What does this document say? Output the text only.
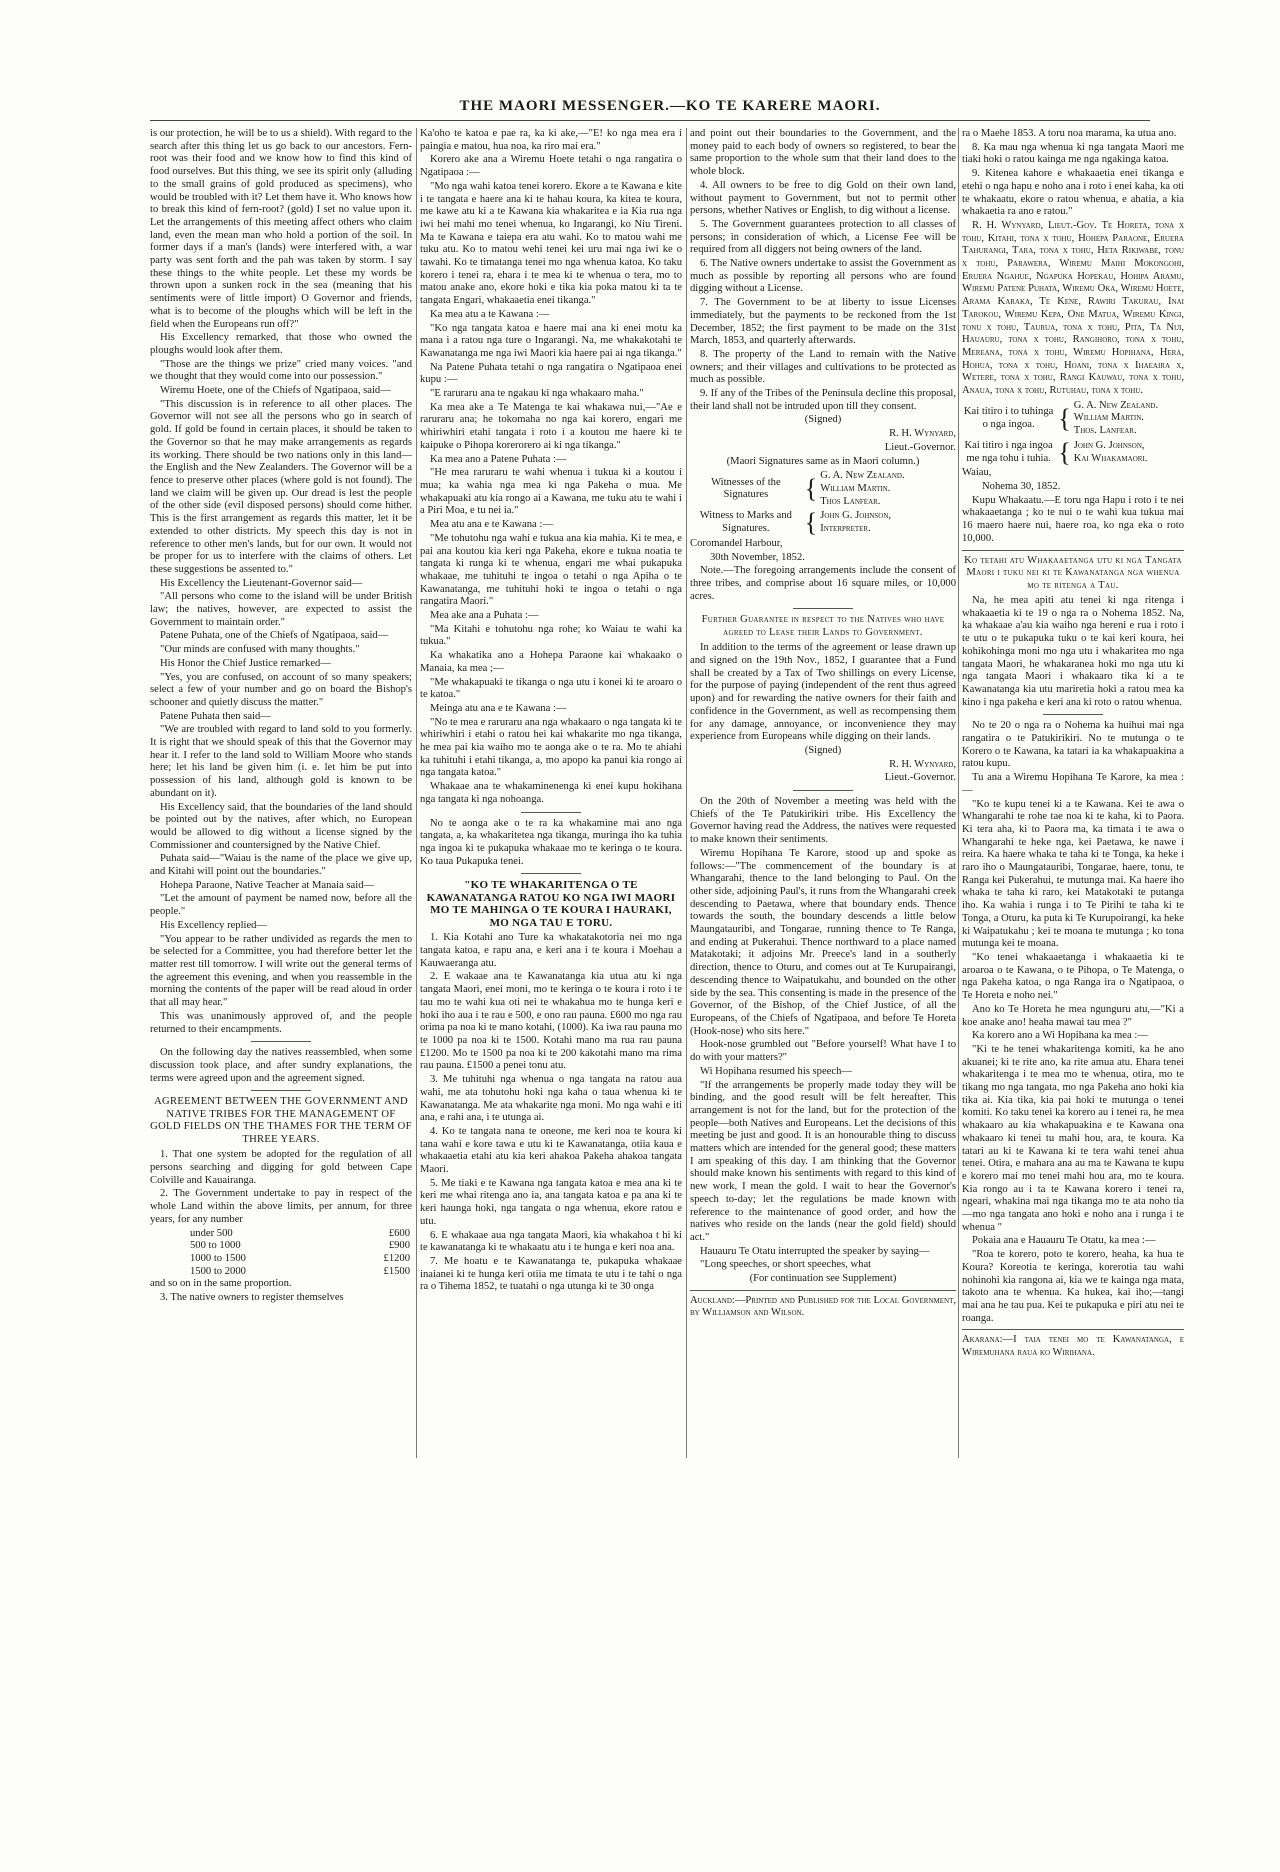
THE MAORI MESSENGER.—KO TE KARERE MAORI.

is our protection, he will be to us a shield). With regard to the search after this thing let us go back to our ancestors. Fern-root was their food and we know how to find this kind of food ourselves. But this thing, we see its spirit only (alluding to the small grains of gold produced as specimens), who would be troubled with it? Let them have it. Who knows how to break this kind of fern-root? (gold) I set no value upon it. Let the arrangements of this meeting affect others who claim land, even the mean man who hold a portion of the soil. In former days if a man's (lands) were interfered with, a war party was sent forth and the pah was taken by storm. I say these things to the white people. Let these my words be thrown upon a sunken rock in the sea (meaning that his sentiments were of little import) O Governor and friends, what is to become of the ploughs which will be left in the field when the Europeans run off?"

His Excellency remarked, that those who owned the ploughs would look after them.

"Those are the things we prize" cried many voices. "and we thought that they would come into our possession."

Wiremu Hoete, one of the Chiefs of Ngatipaoa, said—

"This discussion is in reference to all other places. The Governor will not see all the persons who go in search of gold. If gold be found in certain places, it should be taken to the Governor so that he may make arrangements as regards its working. There should be two nations only in this land—the English and the New Zealanders. The Governor will be a fence to preserve other places (where gold is not found). The land we claim will be given up. Our dread is lest the people of the other side (evil disposed persons) should come hither. This is the first arrangement as regards this matter, let it be extended to other districts. My speech this day is not in reference to other men's lands, but for our own. It would not be proper for us to interfere with the claims of others. Let these suggestions be assented to."

His Excellency the Lieutenant-Governor said—

"All persons who come to the island will be under British law; the natives, however, are expected to assist the Government to maintain order."

Patene Puhata, one of the Chiefs of Ngatipaoa, said—

"Our minds are confused with many thoughts."

His Honor the Chief Justice remarked—

"Yes, you are confused, on account of so many speakers; select a few of your number and go on board the Bishop's schooner and quietly discuss the matter."

Patene Puhata then said—

"We are troubled with regard to land sold to you formerly. It is right that we should speak of this that the Governor may hear it. I refer to the land sold to William Moore who stands here; let his land be given him (i. e. let him be put into possession of his land, although gold is known to be abundant on it).

His Excellency said, that the boundaries of the land should be pointed out by the natives, after which, no European would be allowed to dig without a license signed by the Commissioner and countersigned by the Native Chief.

Puhata said—"Waiau is the name of the place we give up, and Kitahi will point out the boundaries."

Hohepa Paraone, Native Teacher at Manaia said—

"Let the amount of payment be named now, before all the people."

His Excellency replied—

"You appear to be rather undivided as regards the men to be selected for a Committee, you had therefore better let the matter rest till tomorrow. I will write out the general terms of the agreement this evening, and when you reassemble in the morning the contents of the paper will be read aloud in order that all may hear."

This was unanimously approved of, and the people returned to their encampments.

On the following day the natives reassembled, when some discussion took place, and after sundry explanations, the terms were agreed upon and the agreement signed.

AGREEMENT BETWEEN THE GOVERNMENT AND NATIVE TRIBES FOR THE MANAGEMENT OF GOLD FIELDS ON THE THAMES FOR THE TERM OF THREE YEARS.

1. That one system be adopted for the regulation of all persons searching and digging for gold between Cape Colville and Kauairanga.

2. The Government undertake to pay in respect of the whole Land within the above limits, per annum, for three years, for any number

under 500	£600
500 to 1000	£900
1000 to 1500	£1200
1500 to 2000	£1500

and so on in the same proportion.

3. The native owners to register themselves

Ka'oho te katoa e pae ra, ka ki ake,—"E! ko nga mea era i paingia e matou, hua noa, ka riro mai era."

Korero ake ana a Wiremu Hoete tetahi o nga rangatira o Ngatipaoa :—

"Mo nga wahi katoa tenei korero. Ekore a te Kawana e kite i te tangata e haere ana ki te hahau koura, ka kitea te koura, me kawe atu ki a te Kawana kia whakaritea e ia Kia rua nga iwi hei mahi mo tenei whenua, ko Ingarangi, ko Niu Tireni. Ma te Kawana e taiepa era atu wahi. Ko to matou wahi me tuku atu. Ko to matou wehi tenei kei uru mai nga iwi ke o tawahi. Ko te timatanga tenei mo nga whenua katoa. Ko taku korero i tenei ra, ehara i te mea ki te whenua o tera, mo to matou anake ano, ekore hoki e tika kia poka matou ki ta te tangata Engari, whakaaetia enei tikanga."

Ka mea atu a te Kawana :—

"Ko nga tangata katoa e haere mai ana ki enei motu ka mana i a ratou nga ture o Ingarangi. Na, me whakakotahi te Kawanatanga me nga iwi Maori kia haere pai ai nga tikanga."

Na Patene Puhata tetahi o nga rangatira o Ngatipaoa enei kupu :—

"E raruraru ana te ngakau ki nga whakaaro maha."

Ka mea ake a Te Matenga te kai whakawa nui,—"Ae e raruraru ana; he tokomaha no nga kai korero, engari me whiriwhiri etahi tangata i roto i a koutou me haere ki te kaipuke o Pihopa korerorero ai ki nga tikanga."

Ka mea ano a Patene Puhata :—

"He mea raruraru te wahi whenua i tukua ki a koutou i mua; ka wahia nga mea ki nga Pakeha o mua. Me whakapuaki atu kia rongo ai a Kawana, me tuku atu te wahi i a Piri Moa, e tu nei ia."

Mea atu ana e te Kawana :—

"Me tohutohu nga wahi e tukua ana kia mahia. Ki te mea, e pai ana koutou kia keri nga Pakeha, ekore e tukua noatia te tangata ki runga ki te whenua, engari me whai pukapuka whakaae, me tuhituhi te ingoa o tetahi o nga Apiha o te Kawanatanga, me tuhituhi hoki te ingoa o tetahi o nga rangatira Maori."

Mea ake ana a Puhata :—

"Ma Kitahi e tohutohu nga rohe; ko Waiau te wahi ka tukua."

Ka whakatika ano a Hohepa Paraone kai whakaako o Manaia, ka mea ;—

"Me whakapuaki te tikanga o nga utu i konei ki te aroaro o te katoa."

Meinga atu ana e te Kawana :—

"No te mea e raruraru ana nga whakaaro o nga tangata ki te whiriwhiri i etahi o ratou hei kai whakarite mo nga tikanga, he mea pai kia waiho mo te aonga ake o te ra. Mo te ahiahi ka tuhituhi i etahi tikanga, a, mo apopo ka panui kia rongo ai nga tangata katoa."

Whakaae ana te whakaminenenga ki enei kupu hokihana nga tangata ki nga nohoanga.

No te aonga ake o te ra ka whakamine mai ano nga tangata, a, ka whakaritetea nga tikanga, muringa iho ka tuhia nga ingoa ki te pukapuka whakaae mo te keringa o te koura. Ko taua Pukapuka tenei.

"KO TE WHAKARITENGA O TE KAWANATANGA RATOU KO NGA IWI MAORI MO TE MAHINGA O TE KOURA I HAURAKI, MO NGA TAU E TORU.

1. Kia Kotahi ano Ture ka whakatakotoria nei mo nga tangata katoa, e rapu ana, e keri ana i te koura i Moehau a Kauwaeranga atu.

2. E wakaae ana te Kawanatanga kia utua atu ki nga tangata Maori, enei moni, mo te keringa o te koura i roto i te tau mo te wahi kua oti nei te whakahua mo te hunga keri e hoki iho aua i te rau e 500, e ono rau pauna. £600 mo nga rau orima pa noa ki te mano kotahi, (1000). Ka iwa rau pauna mo te 1000 pa noa ki te 1500. Kotahi mano ma rua rau pauna £1200. Mo te 1500 pa noa ki te 200 kakotahi mano ma rima rau pauna. £1500 a penei tonu atu.

3. Me tuhituhi nga whenua o nga tangata na ratou aua wahi, me ata tohutohu hoki nga kaha o taua whenua ki te Kawanatanga. Me ata whakarite nga moni. Mo nga wahi e iti ana, e rahi ana, i te utunga ai.

4. Ko te tangata nana te oneone, me keri noa te koura ki tana wahi e kore tawa e utu ki te Kawanatanga, otiia kaua e whakaaetia etahi atu kia keri ahakoa Pakeha ahakoa tangata Maori.

5. Me tiaki e te Kawana nga tangata katoa e mea ana ki te keri me whai ritenga ano ia, ana tangata katoa e pa ana ki te keri haunga hoki, nga tangata o nga whenua, ekore ratou e utu.

6. E whakaae aua nga tangata Maori, kia whakahoa t hi ki te kawanatanga ki te whakaatu atu i te hunga e keri noa ana.

7. Me hoatu e te Kawanatanga te, pukapuka whakaae inaianei ki te hunga keri otiia me timata te utu i te tahi o nga ra o Tihema 1852, te tuatahi o nga utunga ki te 30 onga

and point out their boundaries to the Government, and the money paid to each body of owners so registered, to bear the same proportion to the whole sum that their land does to the whole block.

4. All owners to be free to dig Gold on their own land, without payment to Government, but not to permit other persons, whether Natives or English, to dig without a license.

5. The Government guarantees protection to all classes of persons; in consideration of which, a License Fee will be required from all diggers not being owners of the land.

6. The Native owners undertake to assist the Government as much as possible by reporting all persons who are found digging without a License.

7. The Government to be at liberty to issue Licenses immediately, but the payments to be reckoned from the 1st December, 1852; the first payment to be made on the 31st March, 1853, and quarterly afterwards.

8. The property of the Land to remain with the Native owners; and their villages and cultivations to be protected as much as possible.

9. If any of the Tribes of the Peninsula decline this proposal, their land shall not be intruded upon till they consent.

(Signed)

R. H. Wynyard,

Lieut.-Governor.

(Maori Signatures same as in Maori column.)

Witnesses of the Signatures	{ G. A. New Zealand.
William Martin.
Thos Lanfear.
Witness to Marks and Signatures.	{ John G. Johnson,
Interpreter.

Coromandel Harbour,

30th November, 1852.

Note.—The foregoing arrangements include the consent of three tribes, and comprise about 16 square miles, or 10,000 acres.

Further Guarantee in respect to the Natives who have agreed to Lease their Lands to Government.

In addition to the terms of the agreement or lease drawn up and signed on the 19th Nov., 1852, I guarantee that a Fund shall be created by a Tax of Two shillings on every License, for the purpose of paying (independent of the rent thus agreed upon) and for rewarding the native owners for their faith and confidence in the Government, as well as recompensing them for any damage, annoyance, or inconvenience they may experience from Europeans while digging on their lands.

(Signed)

R. H. Wynyard,

Lieut.-Governor.

On the 20th of November a meeting was held with the Chiefs of the Te Patukirikiri tribe. His Excellency the Governor having read the Address, the natives were requested to make known their sentiments.

Wiremu Hopihana Te Karore, stood up and spoke as follows:—"The commencement of the boundary is at Whangarahi, thence to the land belonging to Paul. On the other side, adjoining Paul's, it runs from the Whangarahi creek descending to Paetawa, where that boundary ends. Thence towards the south, the boundary descends a little below Maungatauribi, and Tongarae, running thence to Te Ranga, and ending at Pukerahui. Thence northward to a place named Matakotaki; it adjoins Mr. Preece's land in a southerly direction, thence to Oturu, and comes out at Te Kurupairangi, descending thence to Waipatukahu, and bounded on the other side by the sea. This consenting is made in the presence of the Governor, of the Bishop, of the Chief Justice, of all the Europeans, of the Chiefs of Ngatipaoa, and before Te Horeta (Hook-nose) who sits here."

Hook-nose grumbled out "Before yourself! What have I to do with your matters?"

Wi Hopihana resumed his speech—

"If the arrangements be properly made today they will be binding, and the good result will be felt hereafter. This arrangement is not for the land, but for the protection of the people—both Natives and Europeans. Let the decisions of this meeting be just and good. It is an honourable thing to discuss matters which are intended for the general good; these matters I am speaking of this day. I am thinking that the Governor should make known his sentiments with regard to this kind of new work, I mean the gold. I wait to hear the Governor's speech to-day; let the regulations be made known with reference to the maintenance of good order, and how the natives who reside on the lands (near the gold field) should act."

Hauauru Te Otatu interrupted the speaker by saying—

"Long speeches, or short speeches, what

(For continuation see Supplement)

Auckland:—Printed and Published for the Local Government, by Williamson and Wilson.

ra o Maehe 1853. A toru noa marama, ka utua ano.

8. Ka mau nga whenua ki nga tangata Maori me tiaki hoki o ratou kainga me nga ngakinga katoa.

9. Kitenea kahore e whakaaetia enei tikanga e etehi o nga hapu e noho ana i roto i enei kaha, ka oti te whakaatu, ekore o ratou whenua, e ahatia, a kia whakaetia ra ano e ratou."

R. H. Wynyard, Lieut.-Gov. Te Horeta, tona x tohu, Kitahi, tona x tohu, Hohepa Paraone, Eruera Tahurangi, Tara, tona x tohu, Heta Rikiwabe, tonu x tohu, Parawera, Wiremu Maihi Mokongohi, Eruera Ngahue, Ngapuka Hopekau, Hohipa Aramu, Wiremu Patene Puhata, Wiremu Oka, Wiremu Hoete, Arama Karaka, Te Kene, Rawiri Takurau, Inai Tarokou, Wiremu Kepa, One Matua, Wiremu Kingi, tonu x tohu, Taurua, tona x tohu, Pita, Ta Nui, Hauauru, tona x tohu, Rangihoro, tona x tohu, Mereana, tona x tohu, Wiremu Hopihana, Hera, Hohua, tona x tohu, Hoani, tona x Ihaeaira x, Wetere, tona x tohu, Rangi Kauwau, tona x tohu, Anaua, tona x tohu, Rutuhau, tona x tohu.

Kai titiro i to tuhinga o nga ingoa. { G. A. New Zealand.
William Martin.
Thos. Lanfear.
Kai titiro i nga ingoa me nga tohu i tuhia. { John G. Johnson,
Kai Whakamaori.

Waiau,

Nohema 30, 1852.

Kupu Whakaatu.—E toru nga Hapu i roto i te nei whakaaetanga ; ko te nui o te wahi kua tukua mai 16 maero haere nui, haere roa, ko nga eka o roto 10,000.

Ko tetahi atu Whakaaetanga utu ki nga Tangata Maori i tuku nei ki te Kawanatanga nga whenua mo te ritenga a Tau.

Na, he mea apiti atu tenei ki nga ritenga i whakaaetia ki te 19 o nga ra o Nohema 1852. Na, ka whakaae a'au kia waiho nga hereni e rua i roto i te utu o te pukapuka tuku o te kai keri koura, hei kohikohinga moni mo nga utu i whakaritea mo nga tangata Maori, he whakaranea hoki mo nga utu ki nga tangata Maori i whakaaro tika ki a te Kawanatanga kia utu mariretia hoki a ratou mea ka kino i nga pakeha e keri ana ki roto o ratou whenua.

No te 20 o nga ra o Nohema ka huihui mai nga rangatira o te Patukirikiri. No te mutunga o te Korero o te Kawana, ka tatari ia ka whakapuakina a ratou kupu.

Tu ana a Wiremu Hopihana Te Karore, ka mea :—

"Ko te kupu tenei ki a te Kawana. Kei te awa o Whangarahi te rohe tae noa ki te kaha, ki to Paora. Ki tera aha, ki to Paora ma, ka timata i te awa o Whangarahi te heke nga, kei Paetawa, ke nawe i reira. Ka haere whaka te taha ki te Tonga, ka heke i raro iho o Maungatauribi, Tongarae, haere, tonu, te Ranga kei Pukerahui, te mutunga mai. Ka haere iho whaka te taha ki raro, kei Matakotaki te putanga iho. Ka wahia i runga i to Te Pirihi te taha ki te Tonga, a Oturu, ka puta ki Te Kurupoirangi, ka heke ki Waipatukahu ; kei te moana te mutunga ; ko tona mutunga kei te moana.

"Ko tenei whakaaetanga i whakaaetia ki te aroaroa o te Kawana, o te Pihopa, o Te Matenga, o nga Pakeha katoa, o nga Ranga ira o Ngatipaoa, o Te Horeta e noho nei."

Ano ko Te Horeta he mea ngunguru atu,—"Ki a koe anake ano! heaha mawai tau mea ?"

Ka korero ano a Wi Hopihana ka mea :—

"Ki te he tenei whakaritenga komiti, ka he ano akuanei; ki te rite ano, ka rite amua atu. Ehara tenei whakaritenga i te mea mo te whenua, otira, mo te tikang mo nga tangata, mo nga Pakeha ano hoki kia tika ai. Kia tika, kia pai hoki te mutunga o tenei komiti. Ko taku tenei ka korero au i tenei ra, he mea whakaaro au kia whakapuakina e te Kawana ona whakaaro ki tenei tu mahi hou, ara, te koura. Ka tatari au ki te Kawana ki te tera wahi tenei ahua tenei. Otira, e mahara ana au ma te Kawana te kupu e korero mai mo tenei mahi hou ara, mo te koura. Kia rongo au i ta te Kawana korero i tenei ra, ngeari, whakina mai nga tikanga mo te ata noho tia—mo nga tangata ano hoki e noho ana i runga i te whenua "

Pokaia ana e Hauauru Te Otatu, ka mea :—

"Roa te korero, poto te korero, heaha, ka hua te Koura? Koreotia te keringa, korerotia tau wahi nohinohi kia rangona ai, kia we te kainga nga mata, takoto ana te whenua. Ka hukea, kai iho;—tangi mai ana he tau pua. Kei te pukapuka e piri atu nei te roanga.

Akarana:—I taia tenei mo te Kawanatanga, e Wiremuhana raua ko Wirihana.
